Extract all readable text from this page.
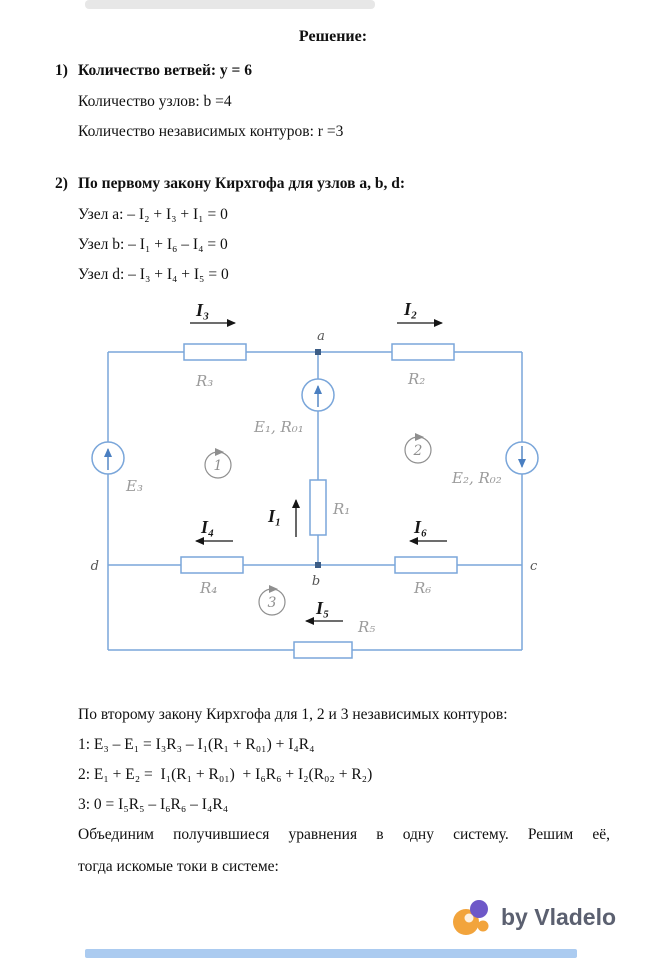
Решение:
1) Количество ветвей: у = 6
Количество узлов: b =4
Количество независимых контуров: r =3
2) По первому закону Кирхгофа для узлов a, b, d:
Узел a: – I₂ + I₃ + I₁ = 0
Узел b: – I₁ + I₆ – I₄ = 0
Узел d: – I₃ + I₄ + I₅ = 0
I₃	I₂
I₄	I₆
I₅
I₁
R₃	R₂
R₁
R₄	R₆
R₅
E₃
E₁, R₀₁
E₂, R₀₂
a
b
d	c
1
2
3
По второму закону Кирхгофа для 1, 2 и 3 независимых контуров:
1: E₃ – E₁ = I₃R₃ – I₁(R₁ + R₀₁) + I₄R₄
2: E₁ + E₂ =  I₁(R₁ + R₀₁)  + I₆R₆ + I₂(R₀₂ + R₂)
3: 0 = I₅R₅ – I₆R₆ – I₄R₄
Объединим получившиеся уравнения в одну систему. Решим её,
тогда искомые токи в системе:
by Vladelo
